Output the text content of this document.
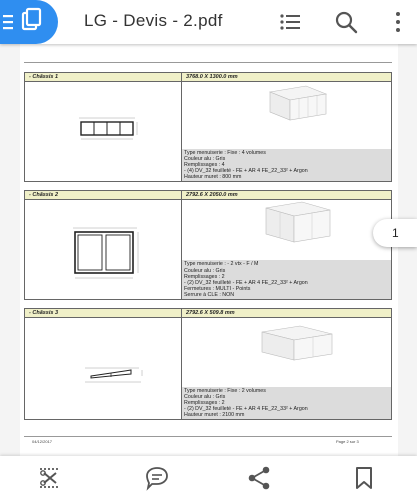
LG - Devis - 2.pdf
- Châssis 1	3768.0 X 1300.0 mm
Type menuiserie : Fixe : 4 volumes
Couleur alu : Gris
Remplissages : 4
- (4) DV_32 feuilleté - FE + AR 4 FE_22_33² + Argon
Hauteur muret : 800 mm
- Châssis 2	2792.6 X 2050.0 mm
Type menuiserie : - 2 vtx - F / M
Couleur alu : Gris
Remplissages : 2
- (2) DV_32 feuilleté - FE + AR 4 FE_22_33² + Argon
Fermetures : MULTI - Points
Serrure à CLE : NON
- Châssis 3	2792.6 X 509.8 mm
Type menuiserie : Fixe : 2 volumes
Couleur alu : Gris
Remplissages : 2
- (2) DV_32 feuilleté - FE + AR 4 FE_22_33² + Argon
Hauteur muret : 2100 mm
04/12/2017	Page 2 sur 3
1
